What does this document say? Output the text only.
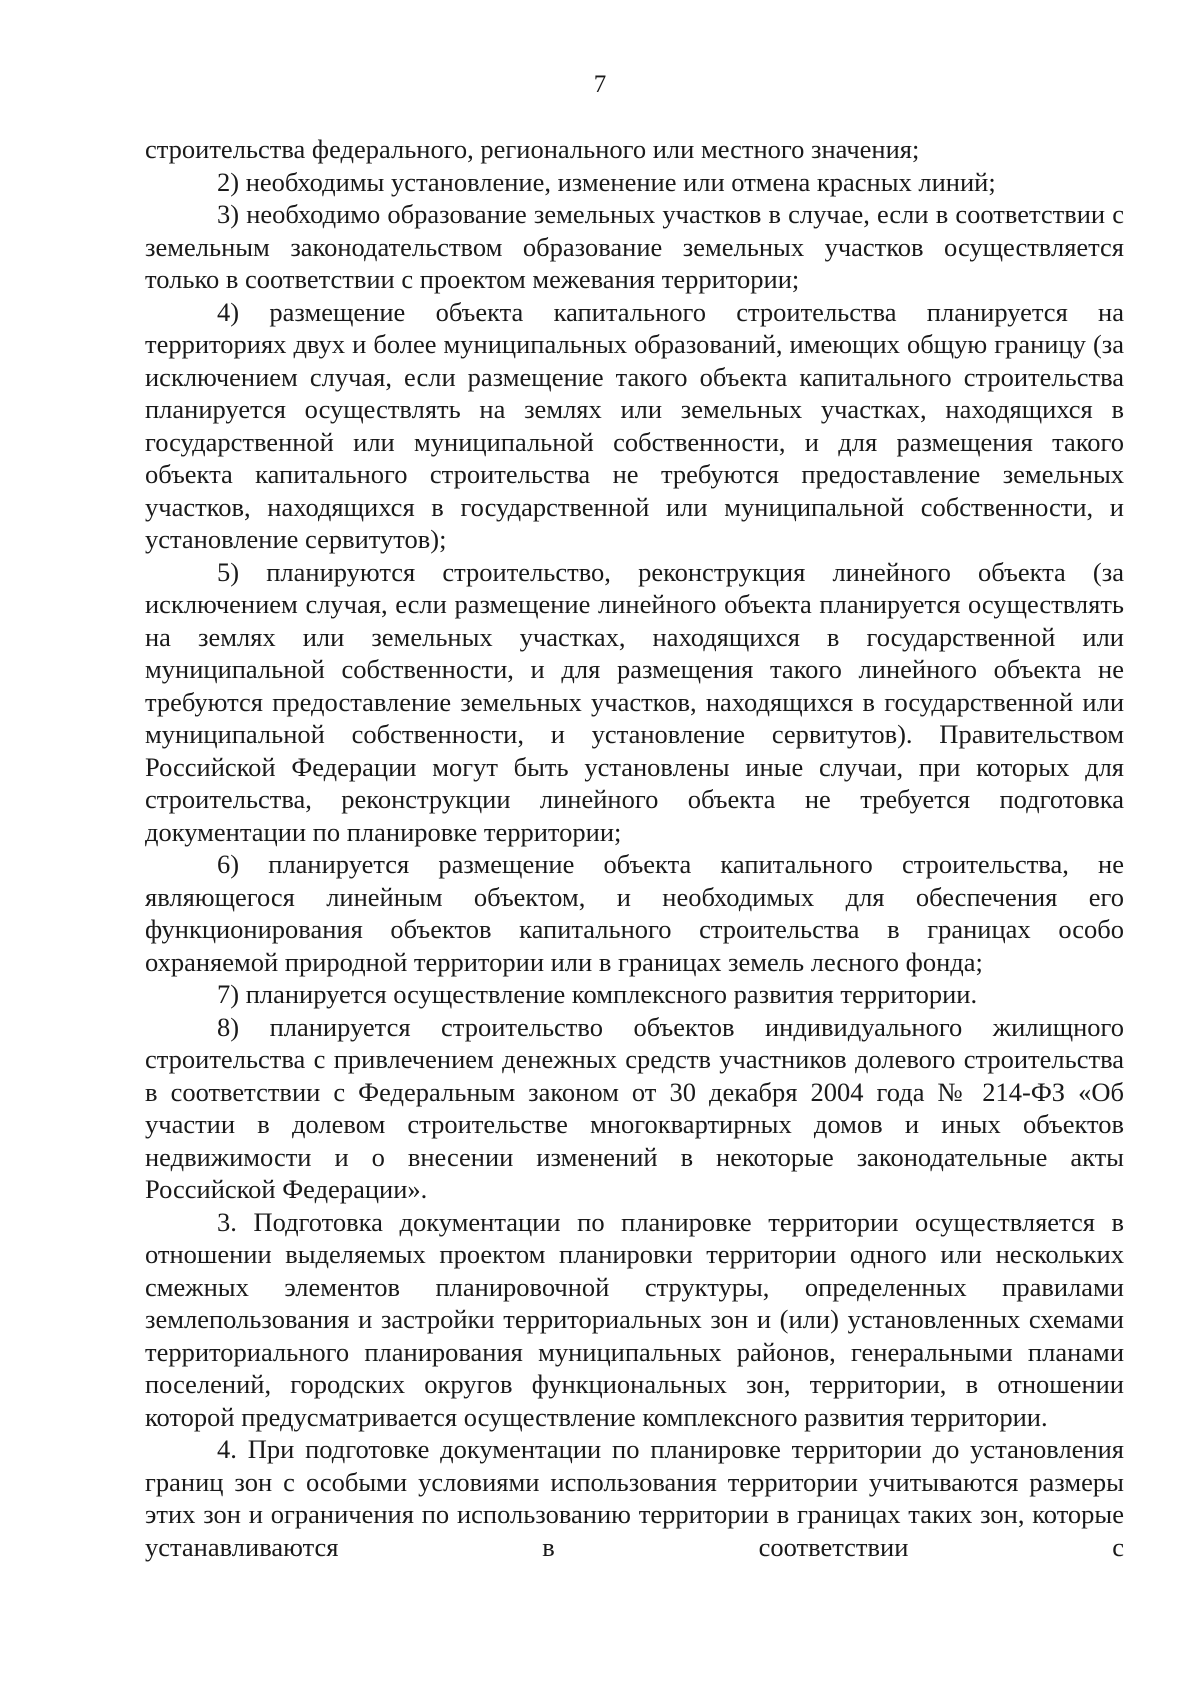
7

строительства федерального, регионального или местного значения;

2) необходимы установление, изменение или отмена красных линий;

3) необходимо образование земельных участков в случае, если в соответствии с земельным законодательством образование земельных участков осуществляется только в соответствии с проектом межевания территории;

4) размещение объекта капитального строительства планируется на территориях двух и более муниципальных образований, имеющих общую границу (за исключением случая, если размещение такого объекта капитального строительства планируется осуществлять на землях или земельных участках, находящихся в государственной или муниципальной собственности, и для размещения такого объекта капитального строительства не требуются предоставление земельных участков, находящихся в государственной или муниципальной собственности, и установление сервитутов);

5) планируются строительство, реконструкция линейного объекта (за исключением случая, если размещение линейного объекта планируется осуществлять на землях или земельных участках, находящихся в государственной или муниципальной собственности, и для размещения такого линейного объекта не требуются предоставление земельных участков, находящихся в государственной или муниципальной собственности, и установление сервитутов). Правительством Российской Федерации могут быть установлены иные случаи, при которых для строительства, реконструкции линейного объекта не требуется подготовка документации по планировке территории;

6) планируется размещение объекта капитального строительства, не являющегося линейным объектом, и необходимых для обеспечения его функционирования объектов капитального строительства в границах особо охраняемой природной территории или в границах земель лесного фонда;

7) планируется осуществление комплексного развития территории.

8) планируется строительство объектов индивидуального жилищного строительства с привлечением денежных средств участников долевого строительства в соответствии с Федеральным законом от 30 декабря 2004 года № 214-ФЗ «Об участии в долевом строительстве многоквартирных домов и иных объектов недвижимости и о внесении изменений в некоторые законодательные акты Российской Федерации».

3. Подготовка документации по планировке территории осуществляется в отношении выделяемых проектом планировки территории одного или нескольких смежных элементов планировочной структуры, определенных правилами землепользования и застройки территориальных зон и (или) установленных схемами территориального планирования муниципальных районов, генеральными планами поселений, городских округов функциональных зон, территории, в отношении которой предусматривается осуществление комплексного развития территории.

4. При подготовке документации по планировке территории до установления границ зон с особыми условиями использования территории учитываются размеры этих зон и ограничения по использованию территории в границах таких зон, которые устанавливаются в соответствии с
